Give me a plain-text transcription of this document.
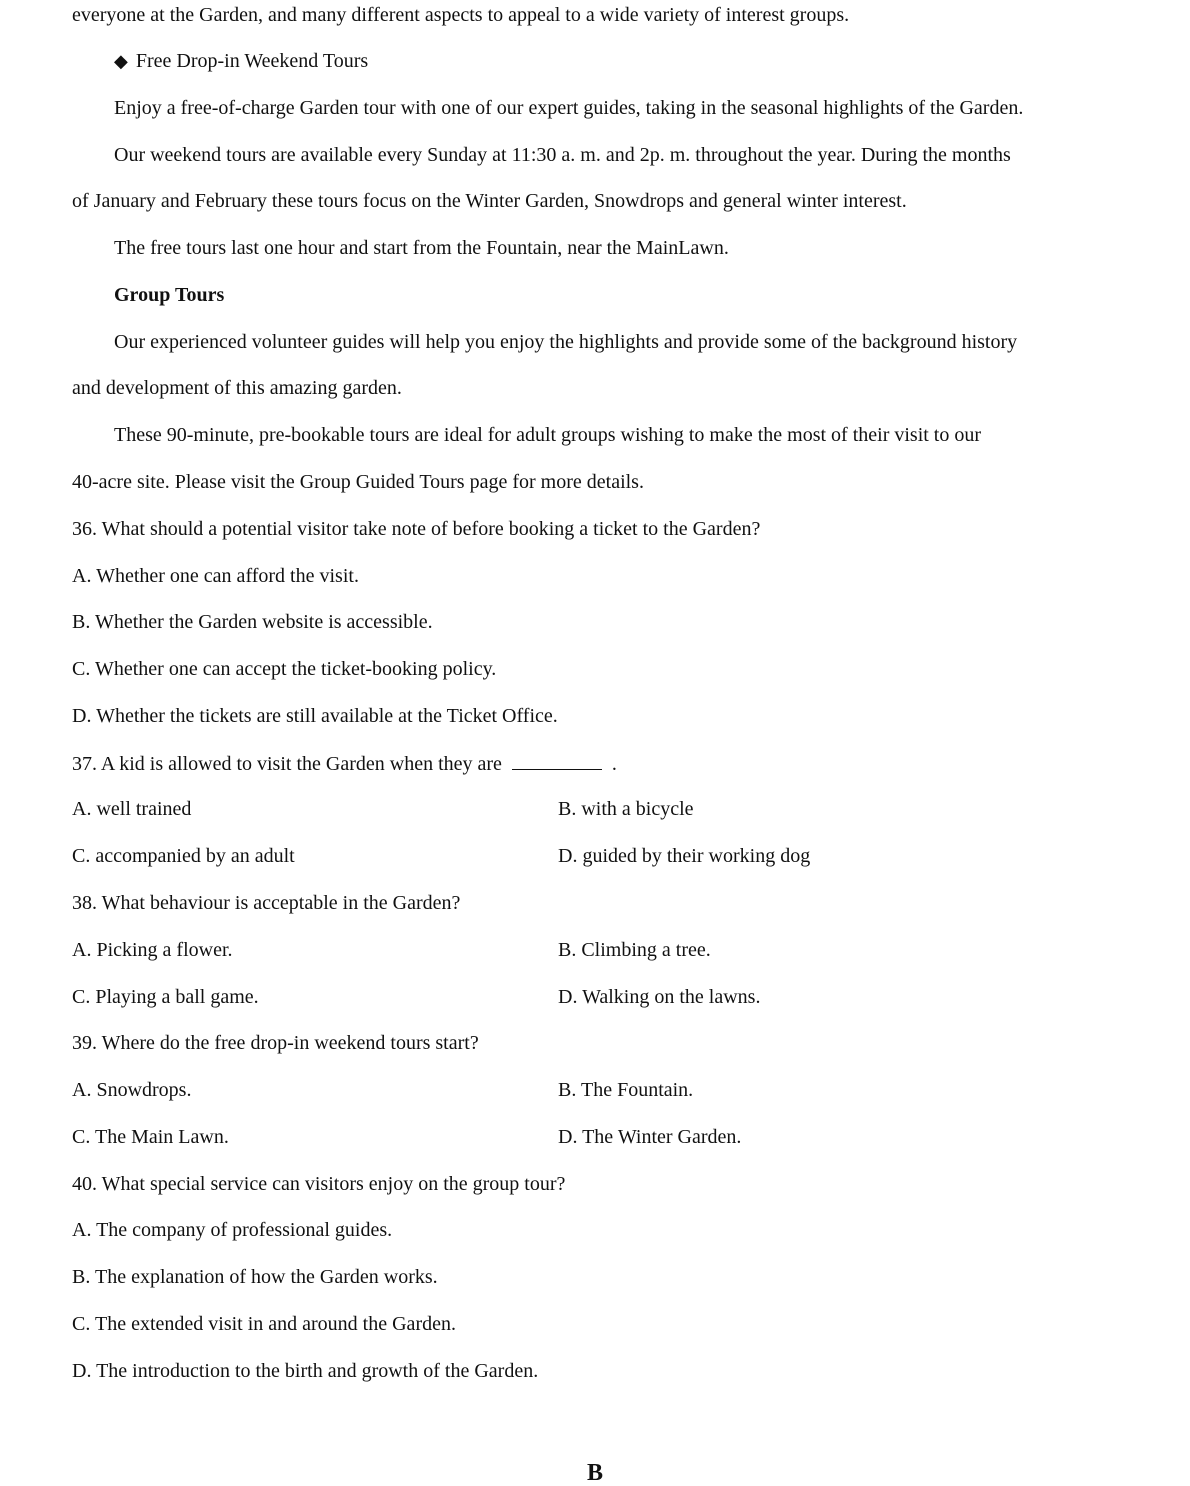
everyone at the Garden, and many different aspects to appeal to a wide variety of interest groups.
◆ Free Drop-in Weekend Tours
Enjoy a free-of-charge Garden tour with one of our expert guides, taking in the seasonal highlights of the Garden.
Our weekend tours are available every Sunday at 11:30 a. m. and 2p. m. throughout the year. During the months
of January and February these tours focus on the Winter Garden, Snowdrops and general winter interest.
The free tours last one hour and start from the Fountain, near the MainLawn.
Group Tours
Our experienced volunteer guides will help you enjoy the highlights and provide some of the background history
and development of this amazing garden.
These 90-minute, pre-bookable tours are ideal for adult groups wishing to make the most of their visit to our
40-acre site. Please visit the Group Guided Tours page for more details.
36. What should a potential visitor take note of before booking a ticket to the Garden?
A. Whether one can afford the visit.
B. Whether the Garden website is accessible.
C. Whether one can accept the ticket-booking policy.
D. Whether the tickets are still available at the Ticket Office.
37. A kid is allowed to visit the Garden when they are	.
A. well trained	B. with a bicycle
C. accompanied by an adult	D. guided by their working dog
38. What behaviour is acceptable in the Garden?
A. Picking a flower.	B. Climbing a tree.
C. Playing a ball game.	D. Walking on the lawns.
39. Where do the free drop-in weekend tours start?
A. Snowdrops.	B. The Fountain.
C. The Main Lawn.	D. The Winter Garden.
40. What special service can visitors enjoy on the group tour?
A. The company of professional guides.
B. The explanation of how the Garden works.
C. The extended visit in and around the Garden.
D. The introduction to the birth and growth of the Garden.
B
